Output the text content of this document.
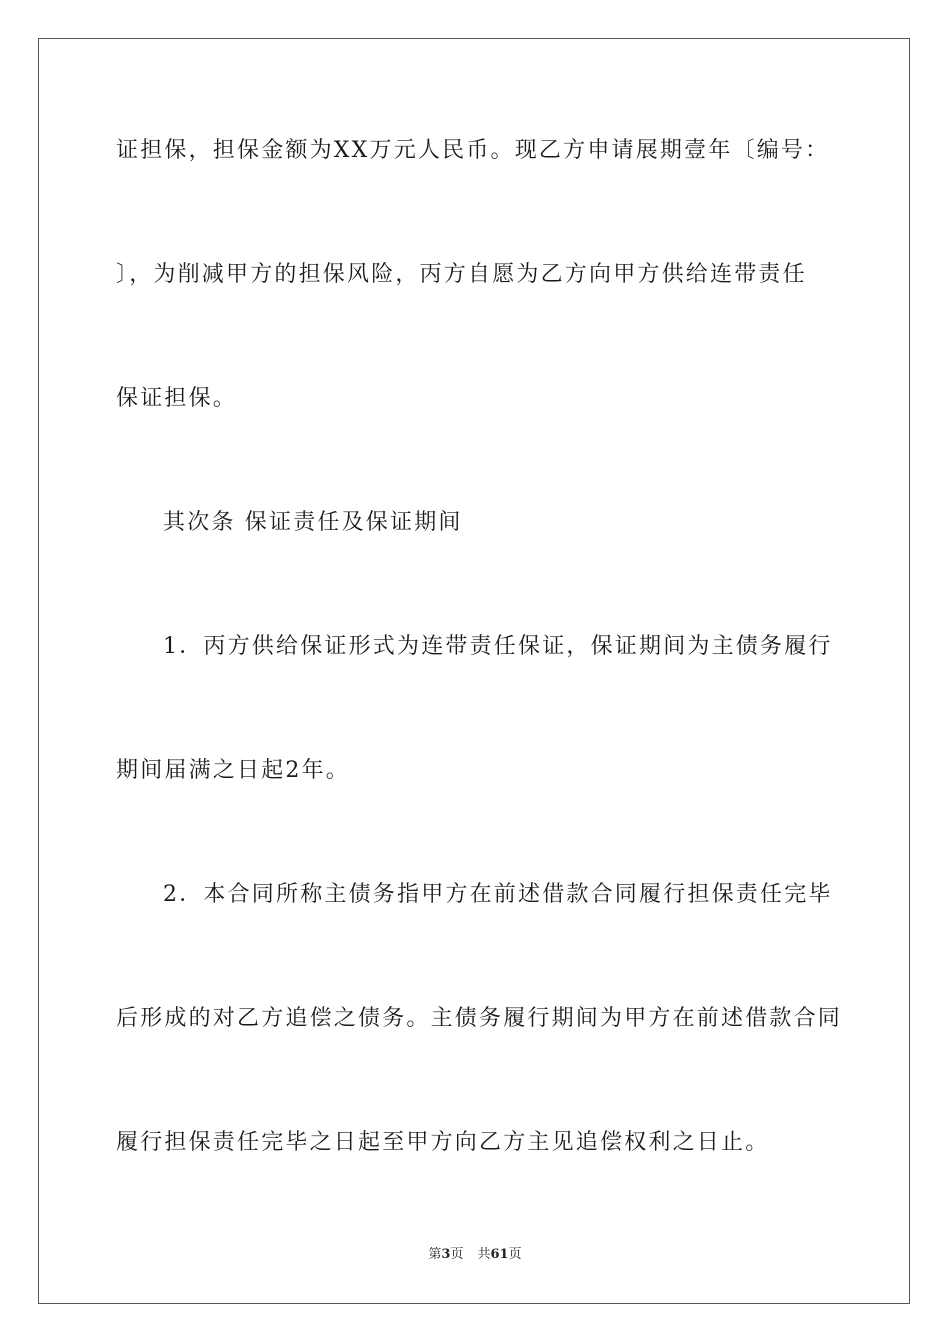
证担保，担保金额为XX万元人民币。现乙方申请展期壹年〔编号：
〕，为削减甲方的担保风险，丙方自愿为乙方向甲方供给连带责任
保证担保。
其次条 保证责任及保证期间
1．丙方供给保证形式为连带责任保证，保证期间为主债务履行
期间届满之日起2年。
2．本合同所称主债务指甲方在前述借款合同履行担保责任完毕
后形成的对乙方追偿之债务。主债务履行期间为甲方在前述借款合同
履行担保责任完毕之日起至甲方向乙方主见追偿权利之日止。
第3页 共61页
